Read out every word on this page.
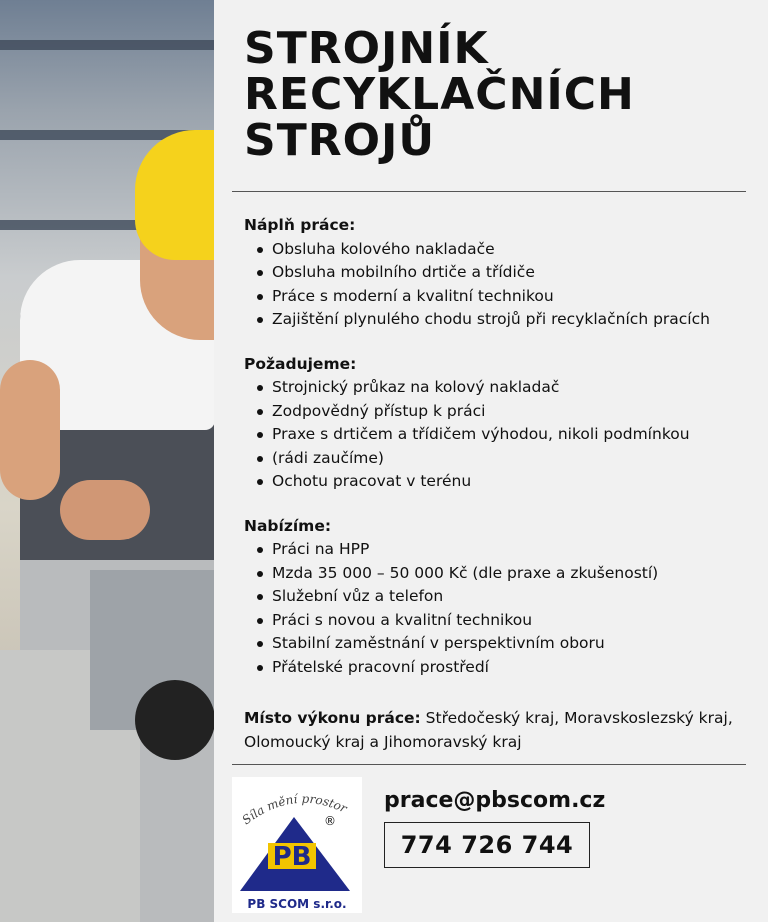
STROJNÍK
RECYKLAČNÍCH
STROJŮ
Náplň práce:
Obsluha kolového nakladače
Obsluha mobilního drtiče a třídiče
Práce s moderní a kvalitní technikou
Zajištění plynulého chodu strojů při recyklačních pracích
Požadujeme:
Strojnický průkaz na kolový nakladač
Zodpovědný přístup k práci
Praxe s drtičem a třídičem výhodou, nikoli podmínkou
(rádi zaučíme)
Ochotu pracovat v terénu
Nabízíme:
Práci na HPP
Mzda 35 000 – 50 000 Kč (dle praxe a zkušeností)
Služební vůz a telefon
Práci s novou a kvalitní technikou
Stabilní zaměstnání v perspektivním oboru
Přátelské pracovní prostředí
Místo výkonu práce: Středočeský kraj, Moravskoslezský kraj, Olomoucký kraj a Jihomoravský kraj
Síla mění prostor
PB
®
PB SCOM s.r.o.
prace@pbscom.cz
774 726 744
